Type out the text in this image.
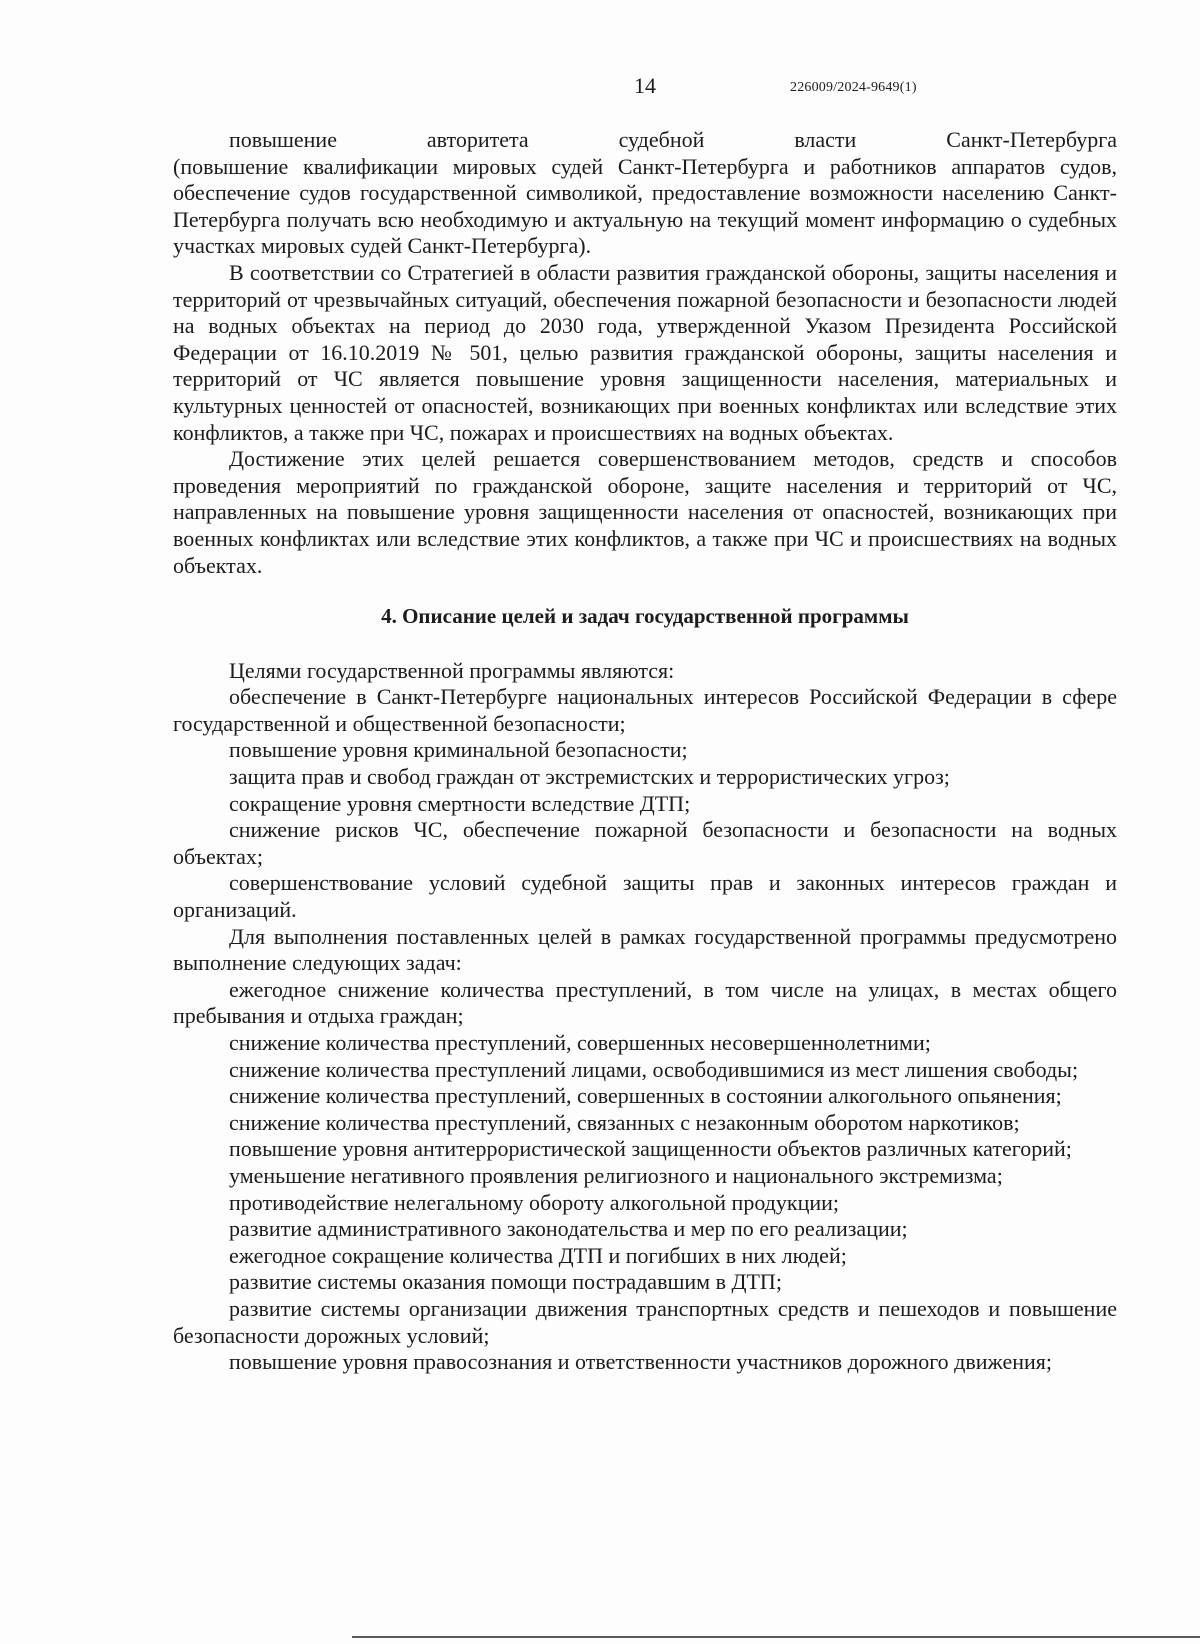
14	226009/2024-9649(1)

повышение авторитета судебной власти Санкт-Петербурга

(повышение квалификации мировых судей Санкт-Петербурга и работников аппаратов судов, обеспечение судов государственной символикой, предоставление возможности населению Санкт-Петербурга получать всю необходимую и актуальную на текущий момент информацию о судебных участках мировых судей Санкт-Петербурга).

В соответствии со Стратегией в области развития гражданской обороны, защиты населения и территорий от чрезвычайных ситуаций, обеспечения пожарной безопасности и безопасности людей на водных объектах на период до 2030 года, утвержденной Указом Президента Российской Федерации от 16.10.2019 № 501, целью развития гражданской обороны, защиты населения и территорий от ЧС является повышение уровня защищенности населения, материальных и культурных ценностей от опасностей, возникающих при военных конфликтах или вследствие этих конфликтов, а также при ЧС, пожарах и происшествиях на водных объектах.

Достижение этих целей решается совершенствованием методов, средств и способов проведения мероприятий по гражданской обороне, защите населения и территорий от ЧС, направленных на повышение уровня защищенности населения от опасностей, возникающих при военных конфликтах или вследствие этих конфликтов, а также при ЧС и происшествиях на водных объектах.

4. Описание целей и задач государственной программы

Целями государственной программы являются:

обеспечение в Санкт-Петербурге национальных интересов Российской Федерации в сфере государственной и общественной безопасности;

повышение уровня криминальной безопасности;

защита прав и свобод граждан от экстремистских и террористических угроз;

сокращение уровня смертности вследствие ДТП;

снижение рисков ЧС, обеспечение пожарной безопасности и безопасности на водных объектах;

совершенствование условий судебной защиты прав и законных интересов граждан и организаций.

Для выполнения поставленных целей в рамках государственной программы предусмотрено выполнение следующих задач:

ежегодное снижение количества преступлений, в том числе на улицах, в местах общего пребывания и отдыха граждан;

снижение количества преступлений, совершенных несовершеннолетними;

снижение количества преступлений лицами, освободившимися из мест лишения свободы;

снижение количества преступлений, совершенных в состоянии алкогольного опьянения;

снижение количества преступлений, связанных с незаконным оборотом наркотиков;

повышение уровня антитеррористической защищенности объектов различных категорий;

уменьшение негативного проявления религиозного и национального экстремизма;

противодействие нелегальному обороту алкогольной продукции;

развитие административного законодательства и мер по его реализации;

ежегодное сокращение количества ДТП и погибших в них людей;

развитие системы оказания помощи пострадавшим в ДТП;

развитие системы организации движения транспортных средств и пешеходов и повышение безопасности дорожных условий;

повышение уровня правосознания и ответственности участников дорожного движения;
